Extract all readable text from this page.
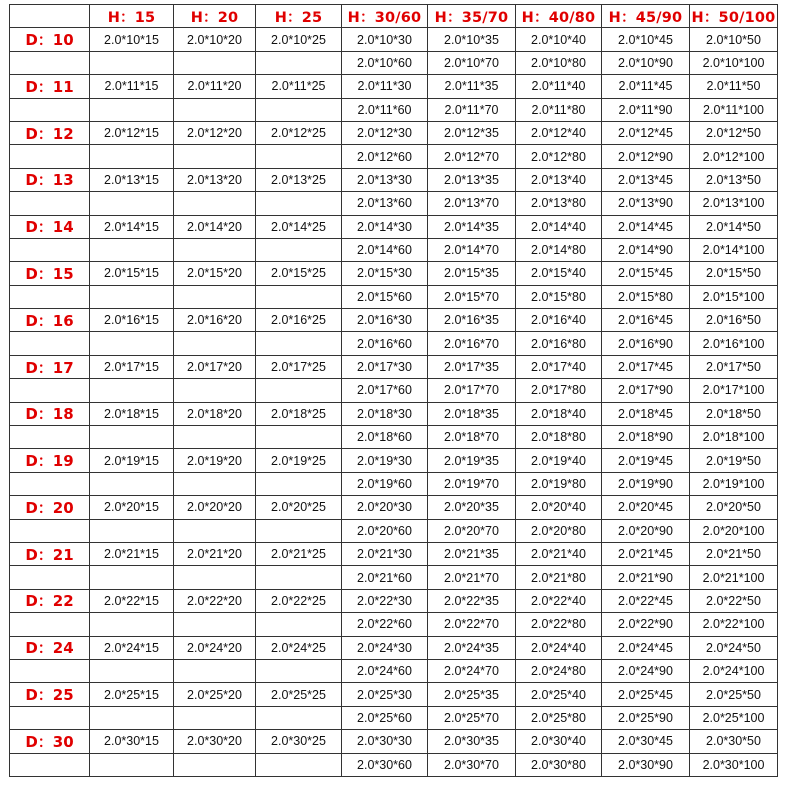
	H：15	H：20	H：25	H：30/60	H：35/70	H：40/80	H：45/90	H：50/100
D：10	2.0*10*15	2.0*10*20	2.0*10*25	2.0*10*30	2.0*10*35	2.0*10*40	2.0*10*45	2.0*10*50
				2.0*10*60	2.0*10*70	2.0*10*80	2.0*10*90	2.0*10*100
D：11	2.0*11*15	2.0*11*20	2.0*11*25	2.0*11*30	2.0*11*35	2.0*11*40	2.0*11*45	2.0*11*50
				2.0*11*60	2.0*11*70	2.0*11*80	2.0*11*90	2.0*11*100
D：12	2.0*12*15	2.0*12*20	2.0*12*25	2.0*12*30	2.0*12*35	2.0*12*40	2.0*12*45	2.0*12*50
				2.0*12*60	2.0*12*70	2.0*12*80	2.0*12*90	2.0*12*100
D：13	2.0*13*15	2.0*13*20	2.0*13*25	2.0*13*30	2.0*13*35	2.0*13*40	2.0*13*45	2.0*13*50
				2.0*13*60	2.0*13*70	2.0*13*80	2.0*13*90	2.0*13*100
D：14	2.0*14*15	2.0*14*20	2.0*14*25	2.0*14*30	2.0*14*35	2.0*14*40	2.0*14*45	2.0*14*50
				2.0*14*60	2.0*14*70	2.0*14*80	2.0*14*90	2.0*14*100
D：15	2.0*15*15	2.0*15*20	2.0*15*25	2.0*15*30	2.0*15*35	2.0*15*40	2.0*15*45	2.0*15*50
				2.0*15*60	2.0*15*70	2.0*15*80	2.0*15*80	2.0*15*100
D：16	2.0*16*15	2.0*16*20	2.0*16*25	2.0*16*30	2.0*16*35	2.0*16*40	2.0*16*45	2.0*16*50
				2.0*16*60	2.0*16*70	2.0*16*80	2.0*16*90	2.0*16*100
D：17	2.0*17*15	2.0*17*20	2.0*17*25	2.0*17*30	2.0*17*35	2.0*17*40	2.0*17*45	2.0*17*50
				2.0*17*60	2.0*17*70	2.0*17*80	2.0*17*90	2.0*17*100
D：18	2.0*18*15	2.0*18*20	2.0*18*25	2.0*18*30	2.0*18*35	2.0*18*40	2.0*18*45	2.0*18*50
				2.0*18*60	2.0*18*70	2.0*18*80	2.0*18*90	2.0*18*100
D：19	2.0*19*15	2.0*19*20	2.0*19*25	2.0*19*30	2.0*19*35	2.0*19*40	2.0*19*45	2.0*19*50
				2.0*19*60	2.0*19*70	2.0*19*80	2.0*19*90	2.0*19*100
D：20	2.0*20*15	2.0*20*20	2.0*20*25	2.0*20*30	2.0*20*35	2.0*20*40	2.0*20*45	2.0*20*50
				2.0*20*60	2.0*20*70	2.0*20*80	2.0*20*90	2.0*20*100
D：21	2.0*21*15	2.0*21*20	2.0*21*25	2.0*21*30	2.0*21*35	2.0*21*40	2.0*21*45	2.0*21*50
				2.0*21*60	2.0*21*70	2.0*21*80	2.0*21*90	2.0*21*100
D：22	2.0*22*15	2.0*22*20	2.0*22*25	2.0*22*30	2.0*22*35	2.0*22*40	2.0*22*45	2.0*22*50
				2.0*22*60	2.0*22*70	2.0*22*80	2.0*22*90	2.0*22*100
D：24	2.0*24*15	2.0*24*20	2.0*24*25	2.0*24*30	2.0*24*35	2.0*24*40	2.0*24*45	2.0*24*50
				2.0*24*60	2.0*24*70	2.0*24*80	2.0*24*90	2.0*24*100
D：25	2.0*25*15	2.0*25*20	2.0*25*25	2.0*25*30	2.0*25*35	2.0*25*40	2.0*25*45	2.0*25*50
				2.0*25*60	2.0*25*70	2.0*25*80	2.0*25*90	2.0*25*100
D：30	2.0*30*15	2.0*30*20	2.0*30*25	2.0*30*30	2.0*30*35	2.0*30*40	2.0*30*45	2.0*30*50
				2.0*30*60	2.0*30*70	2.0*30*80	2.0*30*90	2.0*30*100
